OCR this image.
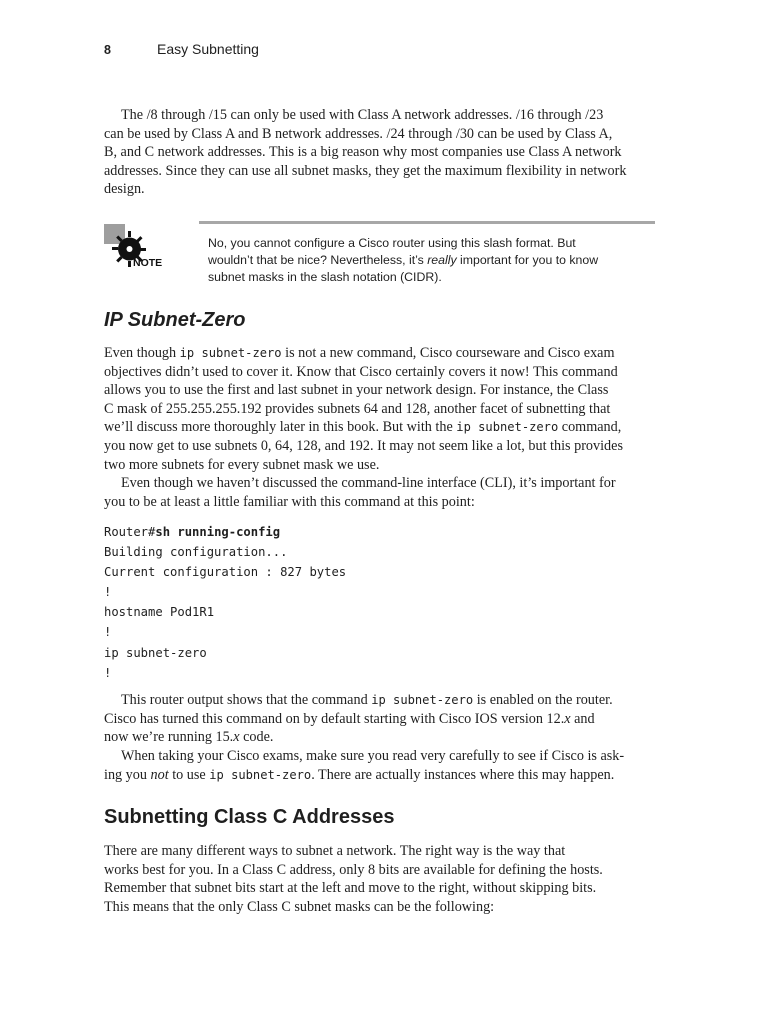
8	Easy Subnetting
The /8 through /15 can only be used with Class A network addresses. /16 through /23
can be used by Class A and B network addresses. /24 through /30 can be used by Class A,
B, and C network addresses. This is a big reason why most companies use Class A network
addresses. Since they can use all subnet masks, they get the maximum flexibility in network
design.
NOTE
No, you cannot configure a Cisco router using this slash format. But
wouldn’t that be nice? Nevertheless, it’s really important for you to know
subnet masks in the slash notation (CIDR).
IP Subnet-Zero
Even though ip subnet-zero is not a new command, Cisco courseware and Cisco exam
objectives didn’t used to cover it. Know that Cisco certainly covers it now! This command
allows you to use the first and last subnet in your network design. For instance, the Class
C mask of 255.255.255.192 provides subnets 64 and 128, another facet of subnetting that
we’ll discuss more thoroughly later in this book. But with the ip subnet-zero command,
you now get to use subnets 0, 64, 128, and 192. It may not seem like a lot, but this provides
two more subnets for every subnet mask we use.
Even though we haven’t discussed the command-line interface (CLI), it’s important for
you to be at least a little familiar with this command at this point:
Router#sh running-config
Building configuration...
Current configuration : 827 bytes
!
hostname Pod1R1
!
ip subnet-zero
!
This router output shows that the command ip subnet-zero is enabled on the router.
Cisco has turned this command on by default starting with Cisco IOS version 12.x and
now we’re running 15.x code.
When taking your Cisco exams, make sure you read very carefully to see if Cisco is ask-
ing you not to use ip subnet-zero. There are actually instances where this may happen.
Subnetting Class C Addresses
There are many different ways to subnet a network. The right way is the way that
works best for you. In a Class C address, only 8 bits are available for defining the hosts.
Remember that subnet bits start at the left and move to the right, without skipping bits.
This means that the only Class C subnet masks can be the following:
